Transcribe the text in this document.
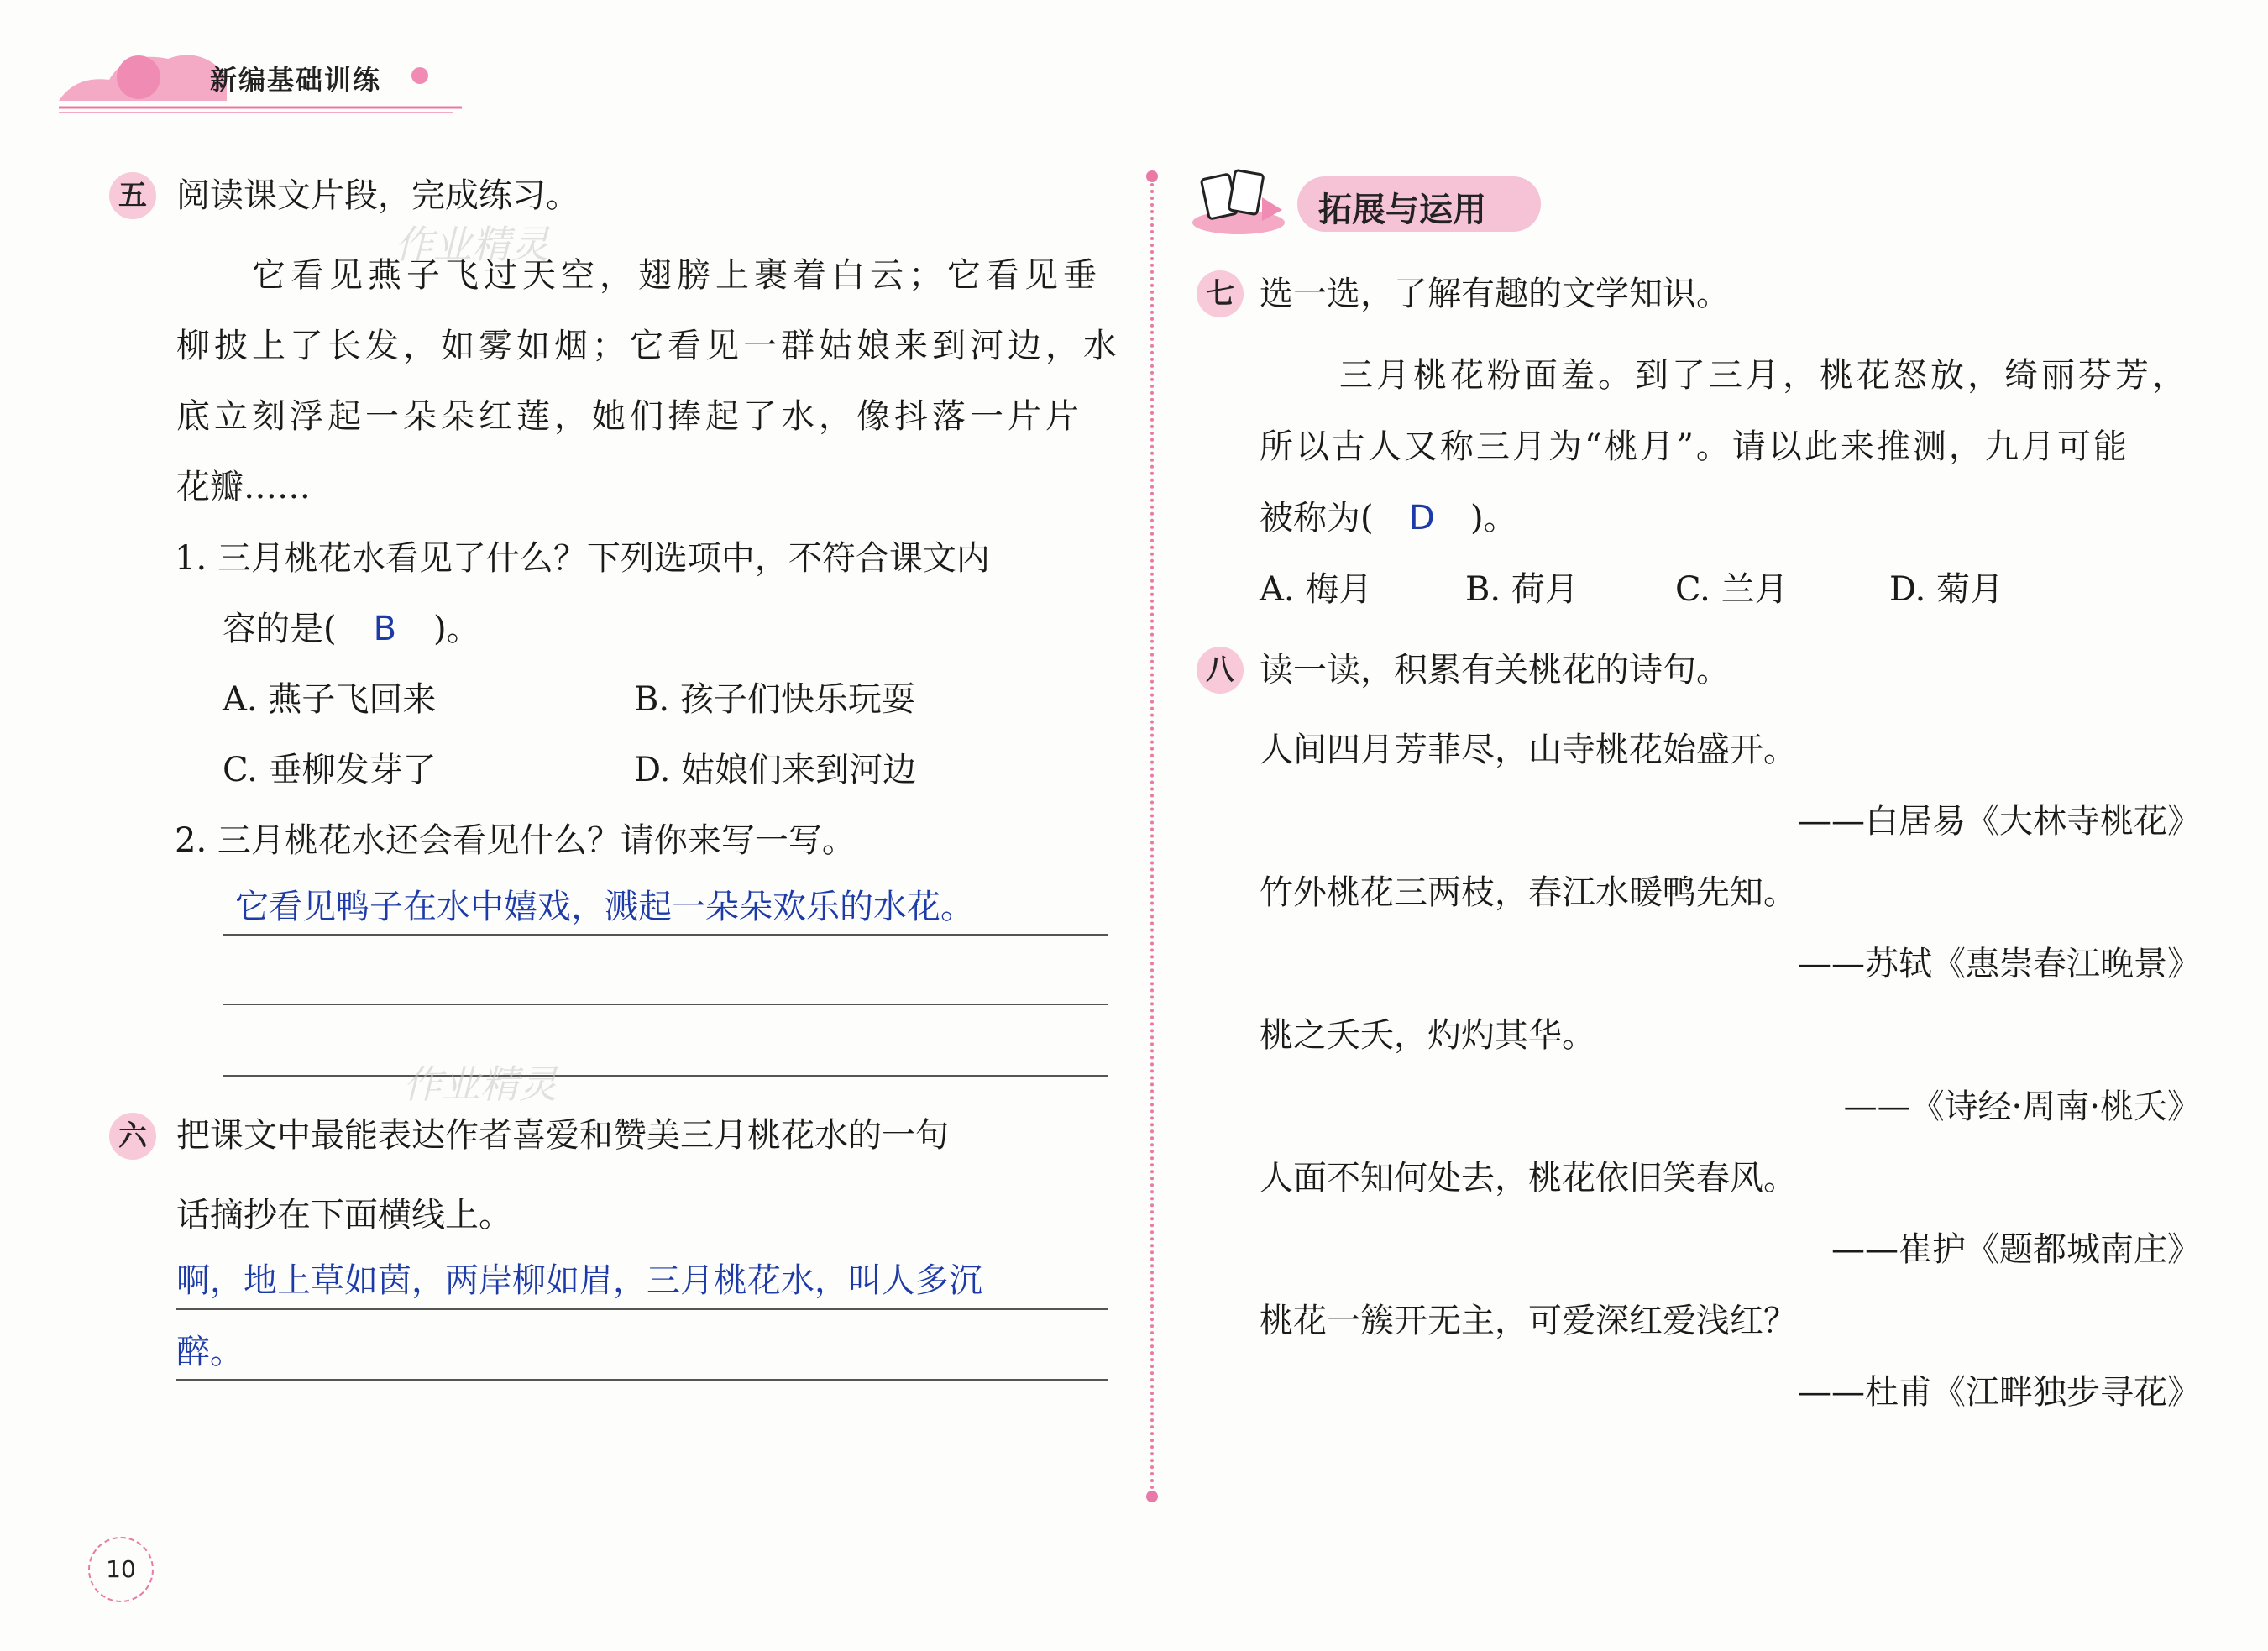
新编基础训练
五 阅读课文片段，完成练习。
作业精灵
它看见燕子飞过天空，翅膀上裹着白云；它看见垂
柳披上了长发，如雾如烟；它看见一群姑娘来到河边，水
底立刻浮起一朵朵红莲，她们捧起了水，像抖落一片片
花瓣……
1. 三月桃花水看见了什么？下列选项中，不符合课文内
容的是( B )。
A. 燕子飞回来	B. 孩子们快乐玩耍
C. 垂柳发芽了	D. 姑娘们来到河边
2. 三月桃花水还会看见什么？请你来写一写。
它看见鸭子在水中嬉戏，溅起一朵朵欢乐的水花。
作业精灵
六 把课文中最能表达作者喜爱和赞美三月桃花水的一句
话摘抄在下面横线上。
啊，地上草如茵，两岸柳如眉，三月桃花水，叫人多沉
醉。
10
拓展与运用
七 选一选，了解有趣的文学知识。
三月桃花粉面羞。到了三月，桃花怒放，绮丽芬芳，
所以古人又称三月为“桃月”。请以此来推测，九月可能
被称为( D )。
A. 梅月	B. 荷月	C. 兰月	D. 菊月
八 读一读，积累有关桃花的诗句。
人间四月芳菲尽，山寺桃花始盛开。
——白居易《大林寺桃花》
竹外桃花三两枝，春江水暖鸭先知。
——苏轼《惠崇春江晚景》
桃之夭夭，灼灼其华。
——《诗经·周南·桃夭》
人面不知何处去，桃花依旧笑春风。
——崔护《题都城南庄》
桃花一簇开无主，可爱深红爱浅红？
——杜甫《江畔独步寻花》
